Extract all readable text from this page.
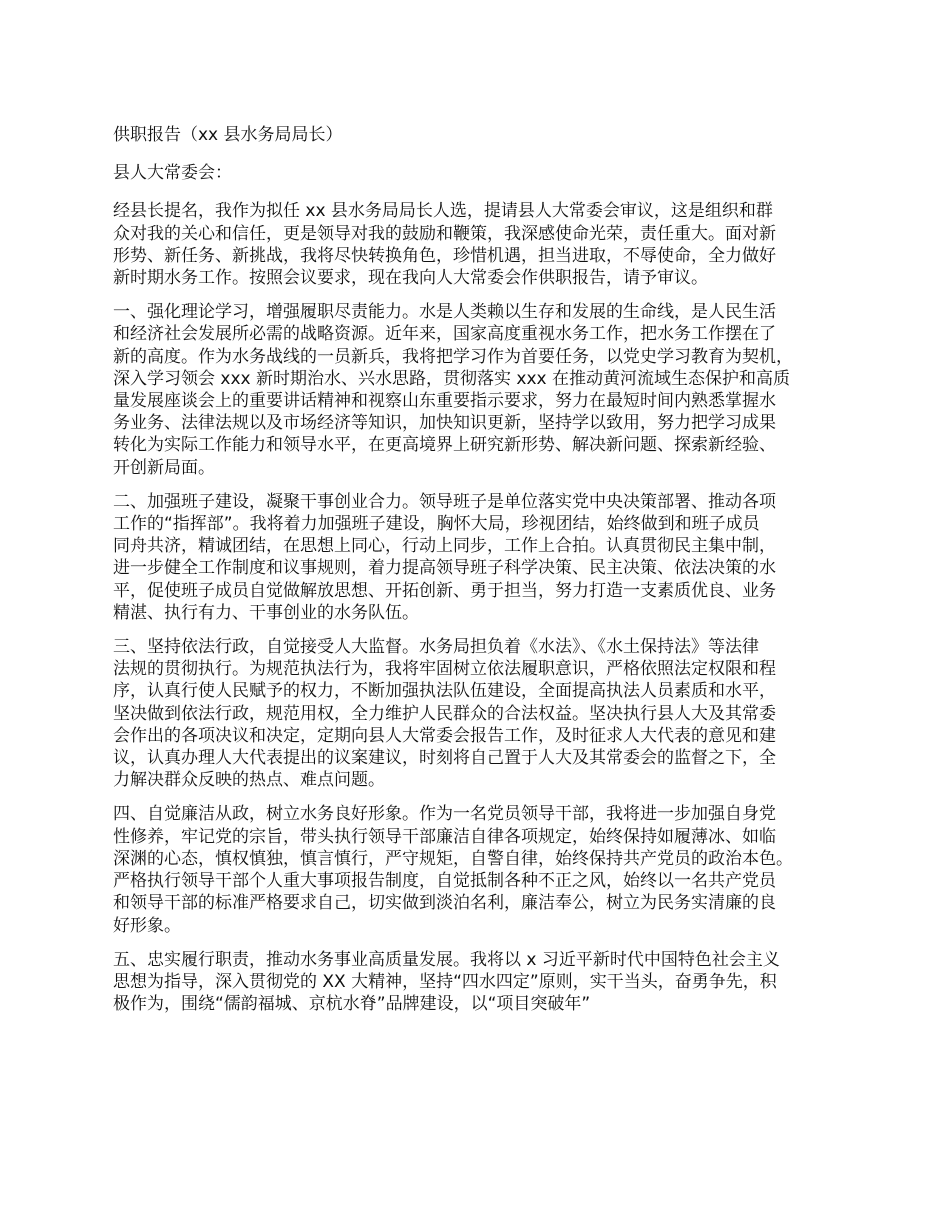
供职报告（xx 县水务局局长）
县人大常委会：
经县长提名，我作为拟任 xx 县水务局局长人选，提请县人大常委会审议，这是组织和群
众对我的关心和信任，更是领导对我的鼓励和鞭策，我深感使命光荣，责任重大。面对新
形势、新任务、新挑战，我将尽快转换角色，珍惜机遇，担当进取，不辱使命，全力做好
新时期水务工作。按照会议要求，现在我向人大常委会作供职报告，请予审议。
一、强化理论学习，增强履职尽责能力。水是人类赖以生存和发展的生命线，是人民生活
和经济社会发展所必需的战略资源。近年来，国家高度重视水务工作，把水务工作摆在了
新的高度。作为水务战线的一员新兵，我将把学习作为首要任务，以党史学习教育为契机，
深入学习领会 xxx 新时期治水、兴水思路，贯彻落实 xxx 在推动黄河流域生态保护和高质
量发展座谈会上的重要讲话精神和视察山东重要指示要求，努力在最短时间内熟悉掌握水
务业务、法律法规以及市场经济等知识，加快知识更新，坚持学以致用，努力把学习成果
转化为实际工作能力和领导水平，在更高境界上研究新形势、解决新问题、探索新经验、
开创新局面。
二、加强班子建设，凝聚干事创业合力。领导班子是单位落实党中央决策部署、推动各项
工作的“指挥部”。我将着力加强班子建设，胸怀大局，珍视团结，始终做到和班子成员
同舟共济，精诚团结，在思想上同心，行动上同步，工作上合拍。认真贯彻民主集中制，
进一步健全工作制度和议事规则，着力提高领导班子科学决策、民主决策、依法决策的水
平，促使班子成员自觉做解放思想、开拓创新、勇于担当，努力打造一支素质优良、业务
精湛、执行有力、干事创业的水务队伍。
三、坚持依法行政，自觉接受人大监督。水务局担负着《水法》、《水土保持法》等法律
法规的贯彻执行。为规范执法行为，我将牢固树立依法履职意识，严格依照法定权限和程
序，认真行使人民赋予的权力，不断加强执法队伍建设，全面提高执法人员素质和水平，
坚决做到依法行政，规范用权，全力维护人民群众的合法权益。坚决执行县人大及其常委
会作出的各项决议和决定，定期向县人大常委会报告工作，及时征求人大代表的意见和建
议，认真办理人大代表提出的议案建议，时刻将自己置于人大及其常委会的监督之下，全
力解决群众反映的热点、难点问题。
四、自觉廉洁从政，树立水务良好形象。作为一名党员领导干部，我将进一步加强自身党
性修养，牢记党的宗旨，带头执行领导干部廉洁自律各项规定，始终保持如履薄冰、如临
深渊的心态，慎权慎独，慎言慎行，严守规矩，自警自律，始终保持共产党员的政治本色。
严格执行领导干部个人重大事项报告制度，自觉抵制各种不正之风，始终以一名共产党员
和领导干部的标准严格要求自己，切实做到淡泊名利，廉洁奉公，树立为民务实清廉的良
好形象。
五、忠实履行职责，推动水务事业高质量发展。我将以 x 习近平新时代中国特色社会主义
思想为指导，深入贯彻党的 XX 大精神，坚持“四水四定”原则，实干当头，奋勇争先，积
极作为，围绕“儒韵福城、京杭水脊”品牌建设，以“项目突破年”
